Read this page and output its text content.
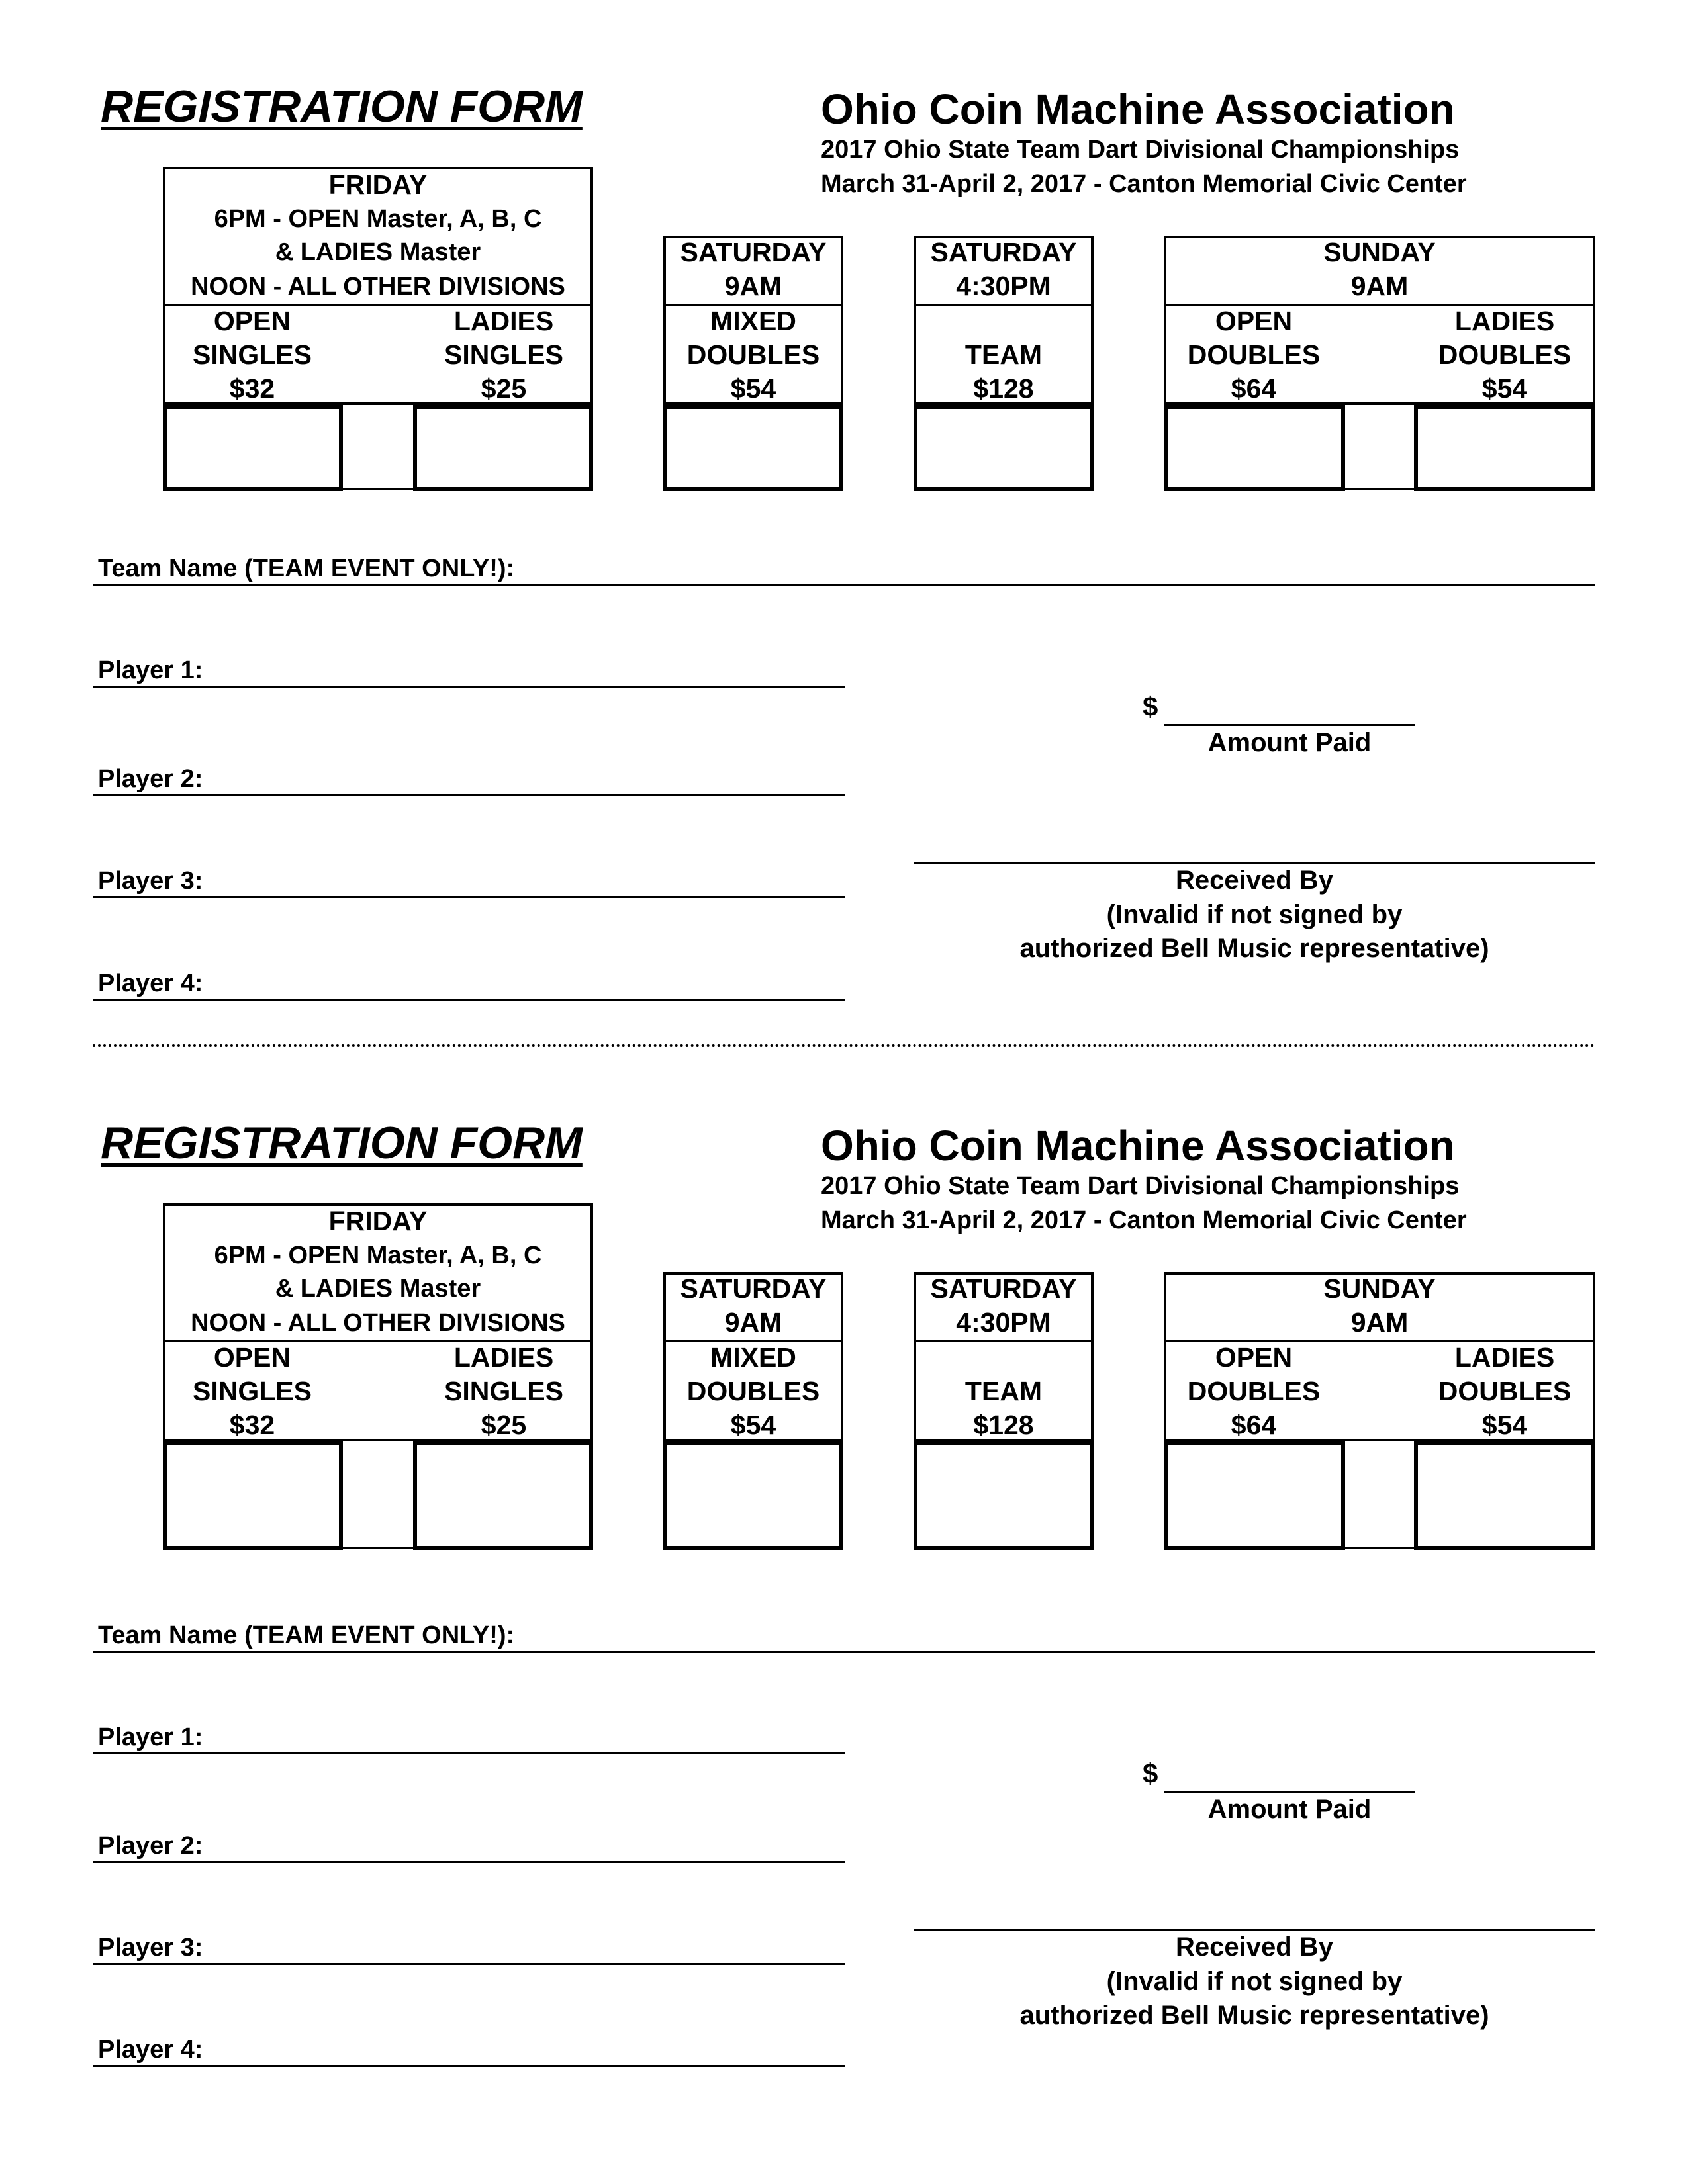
REGISTRATION FORM	Ohio Coin Machine Association
2017 Ohio State Team Dart Divisional Championships
March 31-April 2, 2017 - Canton Memorial Civic Center
FRIDAY
6PM - OPEN Master, A, B, C
& LADIES Master
NOON - ALL OTHER DIVISIONS
OPEN
SINGLES
$32
LADIES
SINGLES
$25
SATURDAY
9AM
MIXED
DOUBLES
$54
SATURDAY
4:30PM
TEAM
$128
SUNDAY
9AM
OPEN
DOUBLES
$64
LADIES
DOUBLES
$54
Team Name (TEAM EVENT ONLY!):
Player 1:
Player 2:
Player 3:
Player 4:
$
Amount Paid
Received By
(Invalid if not signed by
authorized Bell Music representative)
REGISTRATION FORM	Ohio Coin Machine Association
2017 Ohio State Team Dart Divisional Championships
March 31-April 2, 2017 - Canton Memorial Civic Center
FRIDAY
6PM - OPEN Master, A, B, C
& LADIES Master
NOON - ALL OTHER DIVISIONS
OPEN
SINGLES
$32
LADIES
SINGLES
$25
SATURDAY
9AM
MIXED
DOUBLES
$54
SATURDAY
4:30PM
TEAM
$128
SUNDAY
9AM
OPEN
DOUBLES
$64
LADIES
DOUBLES
$54
Team Name (TEAM EVENT ONLY!):
Player 1:
Player 2:
Player 3:
Player 4:
$
Amount Paid
Received By
(Invalid if not signed by
authorized Bell Music representative)
